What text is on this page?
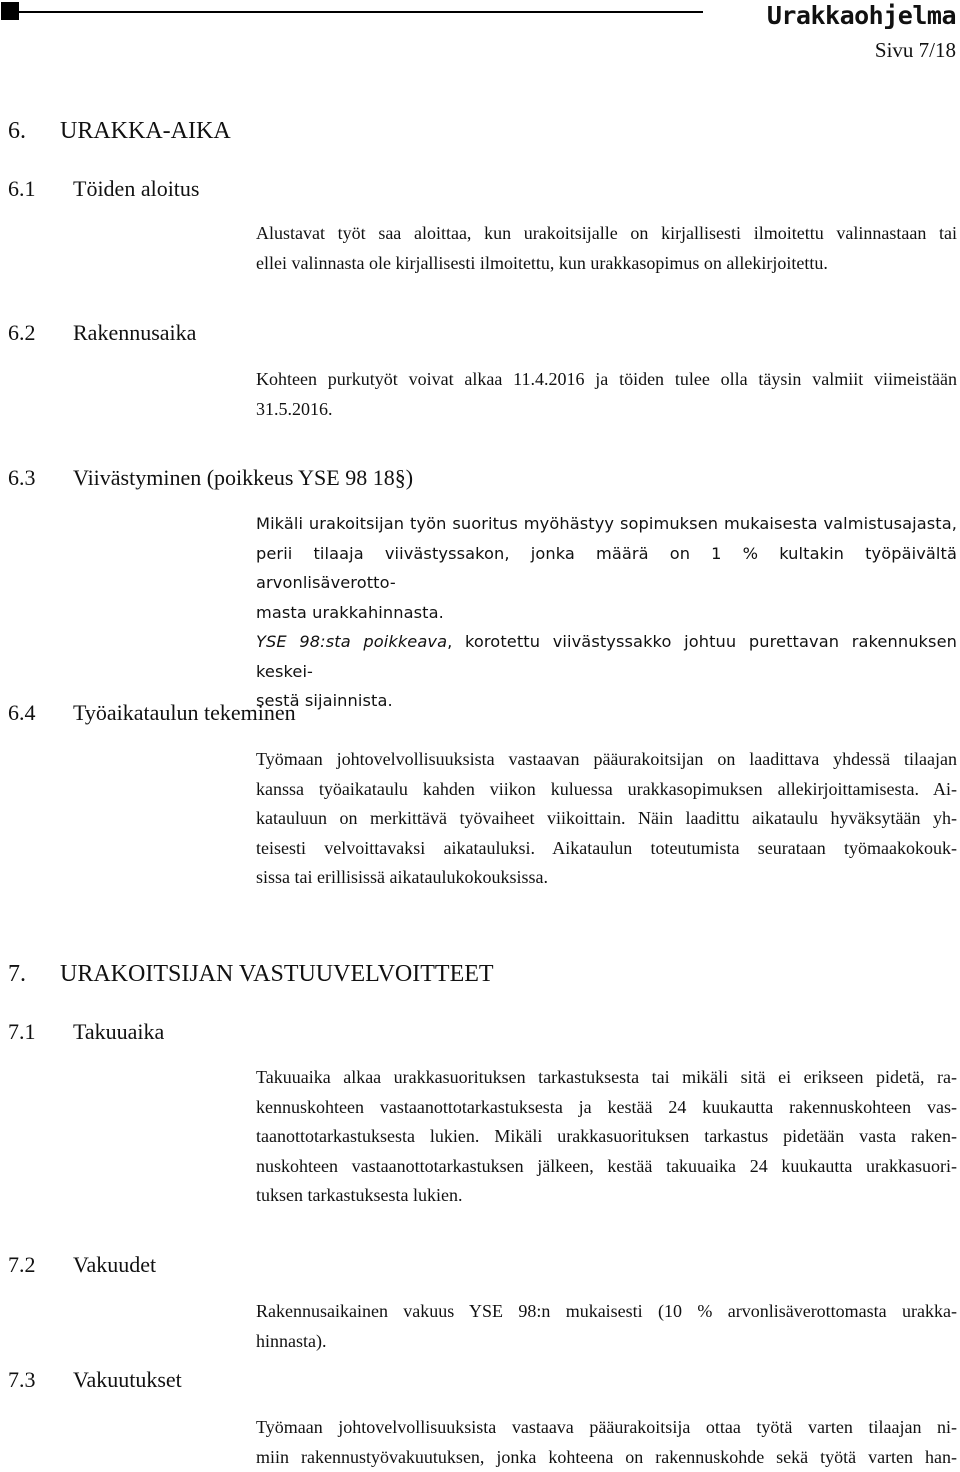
Urakkaohjelma
Sivu 7/18
6. URAKKA-AIKA
6.1 Töiden aloitus
Alustavat työt saa aloittaa, kun urakoitsijalle on kirjallisesti ilmoitettu valinnastaan tai
ellei valinnasta ole kirjallisesti ilmoitettu, kun urakkasopimus on allekirjoitettu.
6.2 Rakennusaika
Kohteen purkutyöt voivat alkaa 11.4.2016 ja töiden tulee olla täysin valmiit viimeistään
31.5.2016.
6.3 Viivästyminen (poikkeus YSE 98 18§)
Mikäli urakoitsijan työn suoritus myöhästyy sopimuksen mukaisesta valmistusajasta,
perii tilaaja viivästyssakon, jonka määrä on 1 % kultakin työpäivältä arvonlisäverotto-
masta urakkahinnasta.
YSE 98:sta poikkeava, korotettu viivästyssakko johtuu purettavan rakennuksen keskei-
sestä sijainnista.
6.4 Työaikataulun tekeminen
Työmaan johtovelvollisuuksista vastaavan pääurakoitsijan on laadittava yhdessä tilaajan
kanssa työaikataulu kahden viikon kuluessa urakkasopimuksen allekirjoittamisesta. Ai-
katauluun on merkittävä työvaiheet viikoittain. Näin laadittu aikataulu hyväksytään yh-
teisesti velvoittavaksi aikatauluksi. Aikataulun toteutumista seurataan työmaakokouk-
sissa tai erillisissä aikataulukokouksissa.
7. URAKOITSIJAN VASTUUVELVOITTEET
7.1 Takuuaika
Takuuaika alkaa urakkasuorituksen tarkastuksesta tai mikäli sitä ei erikseen pidetä, ra-
kennuskohteen vastaanottotarkastuksesta ja kestää 24 kuukautta rakennuskohteen vas-
taanottotarkastuksesta lukien. Mikäli urakkasuorituksen tarkastus pidetään vasta raken-
nuskohteen vastaanottotarkastuksen jälkeen, kestää takuuaika 24 kuukautta urakkasuori-
tuksen tarkastuksesta lukien.
7.2 Vakuudet
Rakennusaikainen vakuus YSE 98:n mukaisesti (10 % arvonlisäverottomasta urakka-
hinnasta).
7.3 Vakuutukset
Työmaan johtovelvollisuuksista vastaava pääurakoitsija ottaa työtä varten tilaajan ni-
miin rakennustyövakuutuksen, jonka kohteena on rakennuskohde sekä työtä varten han-
